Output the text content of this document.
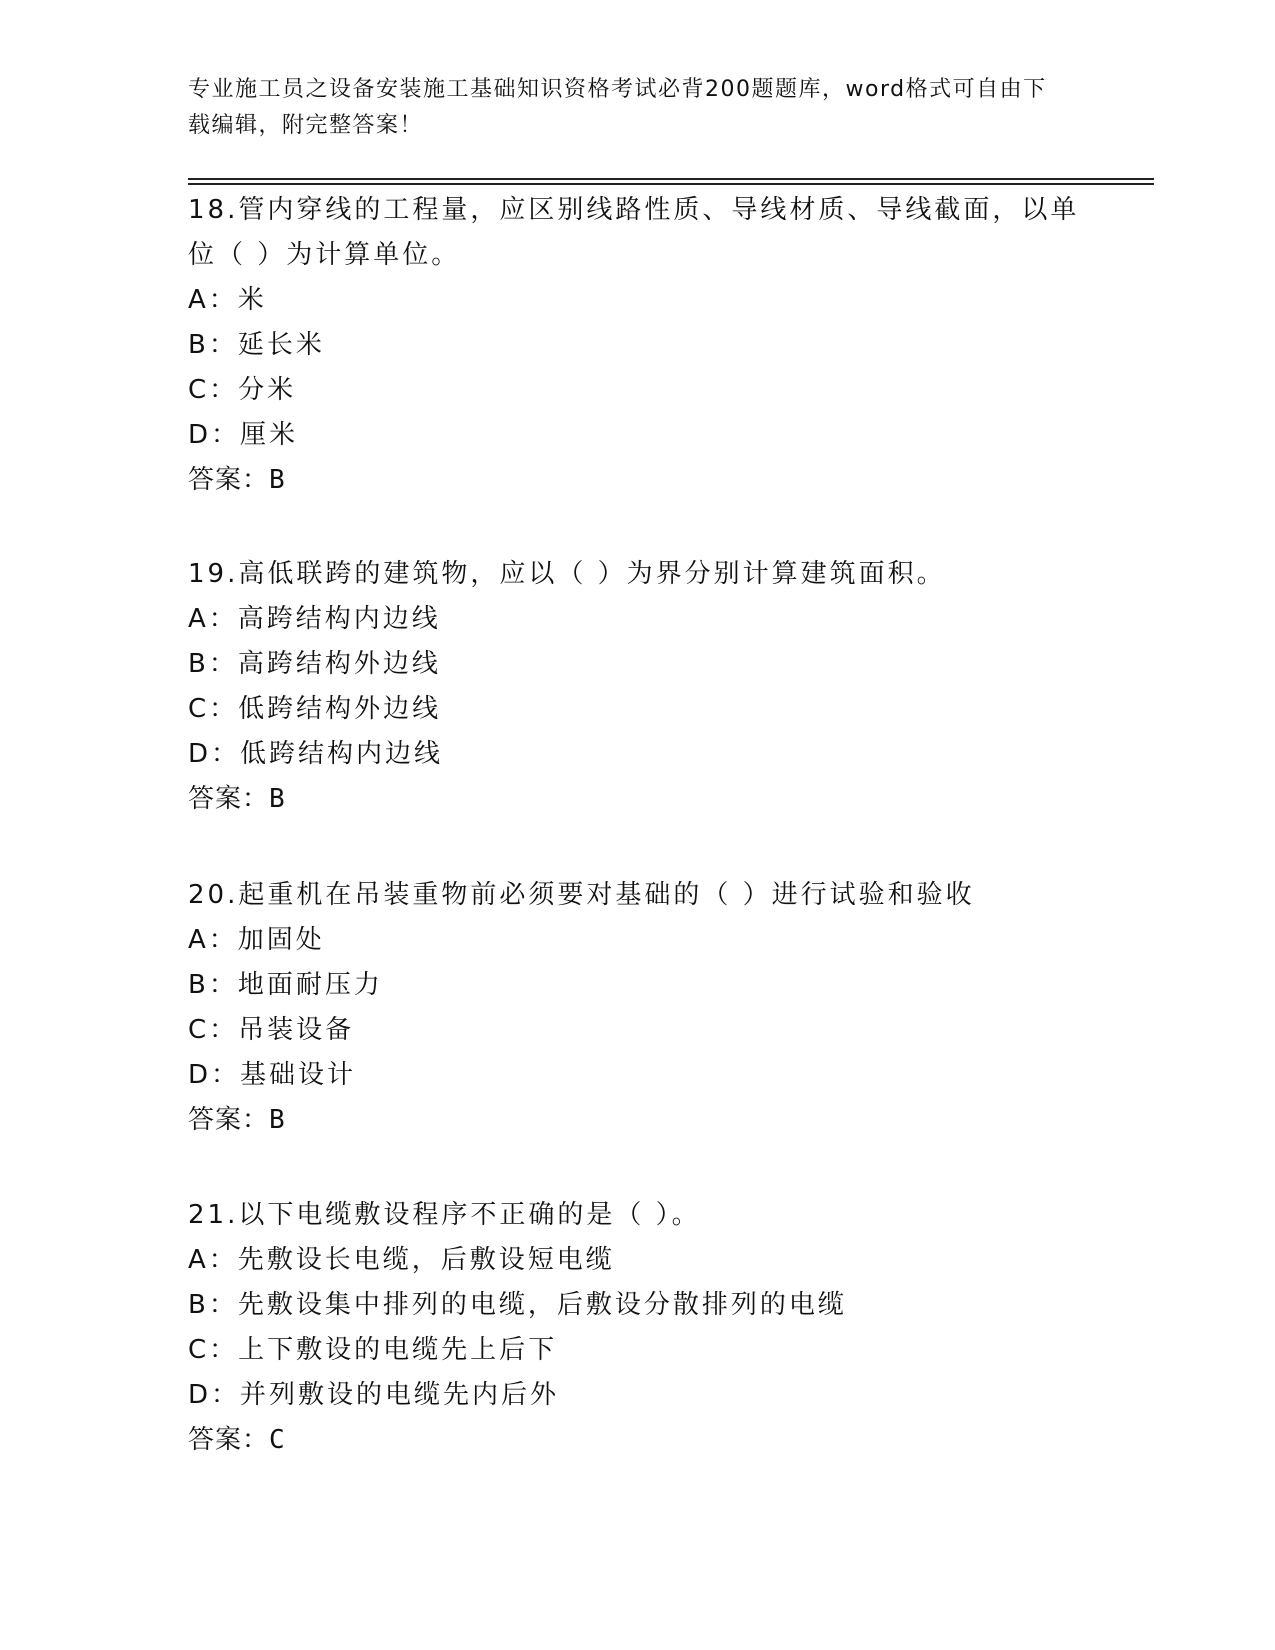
专业施工员之设备安装施工基础知识资格考试必背200题题库，word格式可自由下载编辑，附完整答案！

18.管内穿线的工程量，应区别线路性质、导线材质、导线截面，以单位（ ）为计算单位。

A：米

B：延长米

C：分米

D：厘米

答案：B

19.高低联跨的建筑物，应以（ ）为界分别计算建筑面积。

A：高跨结构内边线

B：高跨结构外边线

C：低跨结构外边线

D：低跨结构内边线

答案：B

20.起重机在吊装重物前必须要对基础的（ ）进行试验和验收

A：加固处

B：地面耐压力

C：吊装设备

D：基础设计

答案：B

21.以下电缆敷设程序不正确的是（ ）。

A：先敷设长电缆，后敷设短电缆

B：先敷设集中排列的电缆，后敷设分散排列的电缆

C：上下敷设的电缆先上后下

D：并列敷设的电缆先内后外

答案：C
